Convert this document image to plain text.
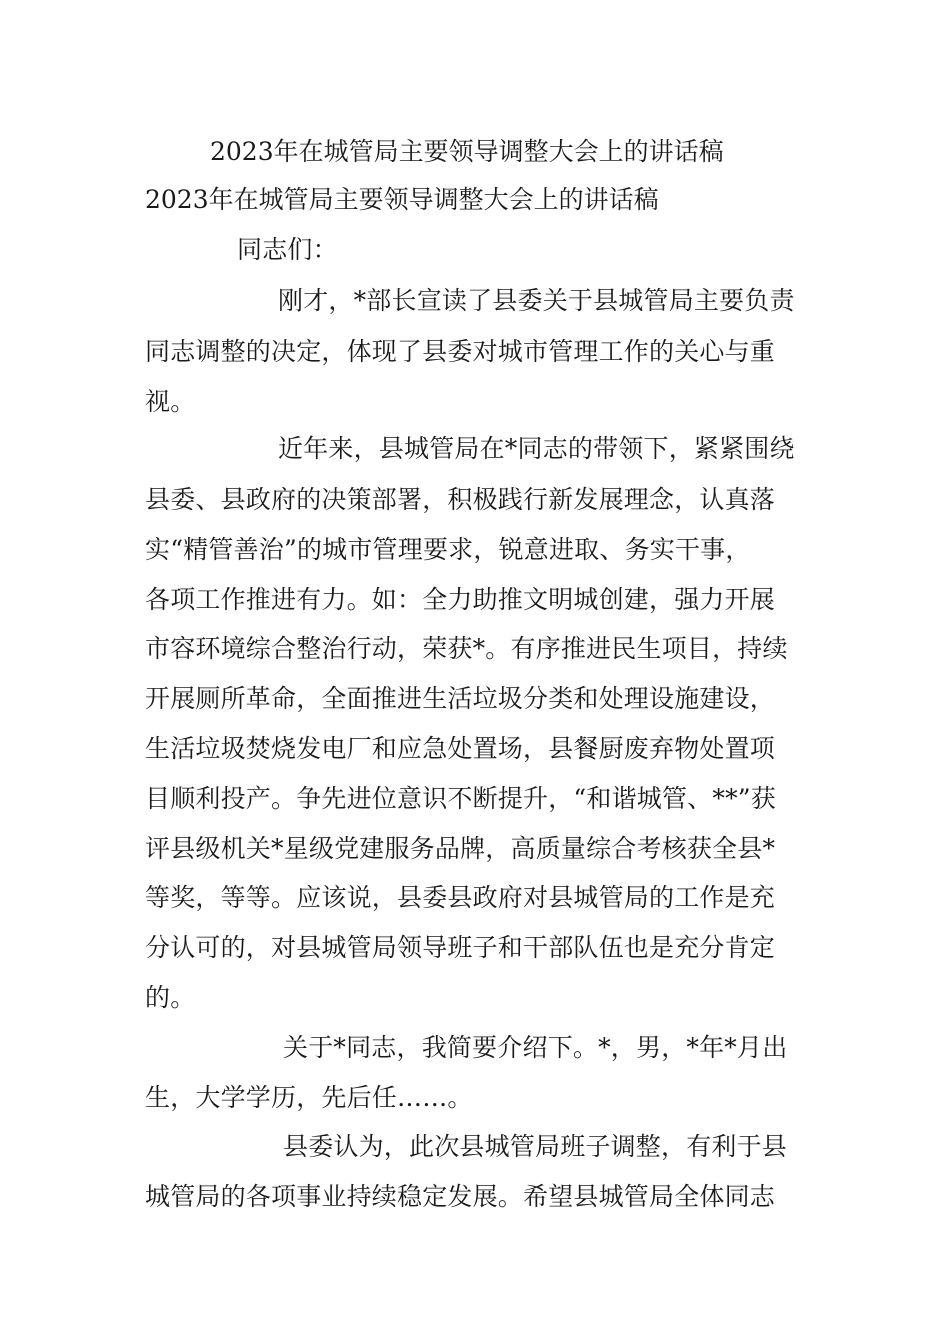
2023年在城管局主要领导调整大会上的讲话稿
2023年在城管局主要领导调整大会上的讲话稿
同志们：
刚才，*部长宣读了县委关于县城管局主要负责
同志调整的决定，体现了县委对城市管理工作的关心与重
视。
近年来，县城管局在*同志的带领下，紧紧围绕
县委、县政府的决策部署，积极践行新发展理念，认真落
实“精管善治”的城市管理要求，锐意进取、务实干事，
各项工作推进有力。如：全力助推文明城创建，强力开展
市容环境综合整治行动，荣获*。有序推进民生项目，持续
开展厕所革命，全面推进生活垃圾分类和处理设施建设，
生活垃圾焚烧发电厂和应急处置场，县餐厨废弃物处置项
目顺利投产。争先进位意识不断提升，“和谐城管、**”获
评县级机关*星级党建服务品牌，高质量综合考核获全县*
等奖，等等。应该说，县委县政府对县城管局的工作是充
分认可的，对县城管局领导班子和干部队伍也是充分肯定
的。
关于*同志，我简要介绍下。*，男，*年*月出
生，大学学历，先后任……。
县委认为，此次县城管局班子调整，有利于县
城管局的各项事业持续稳定发展。希望县城管局全体同志
